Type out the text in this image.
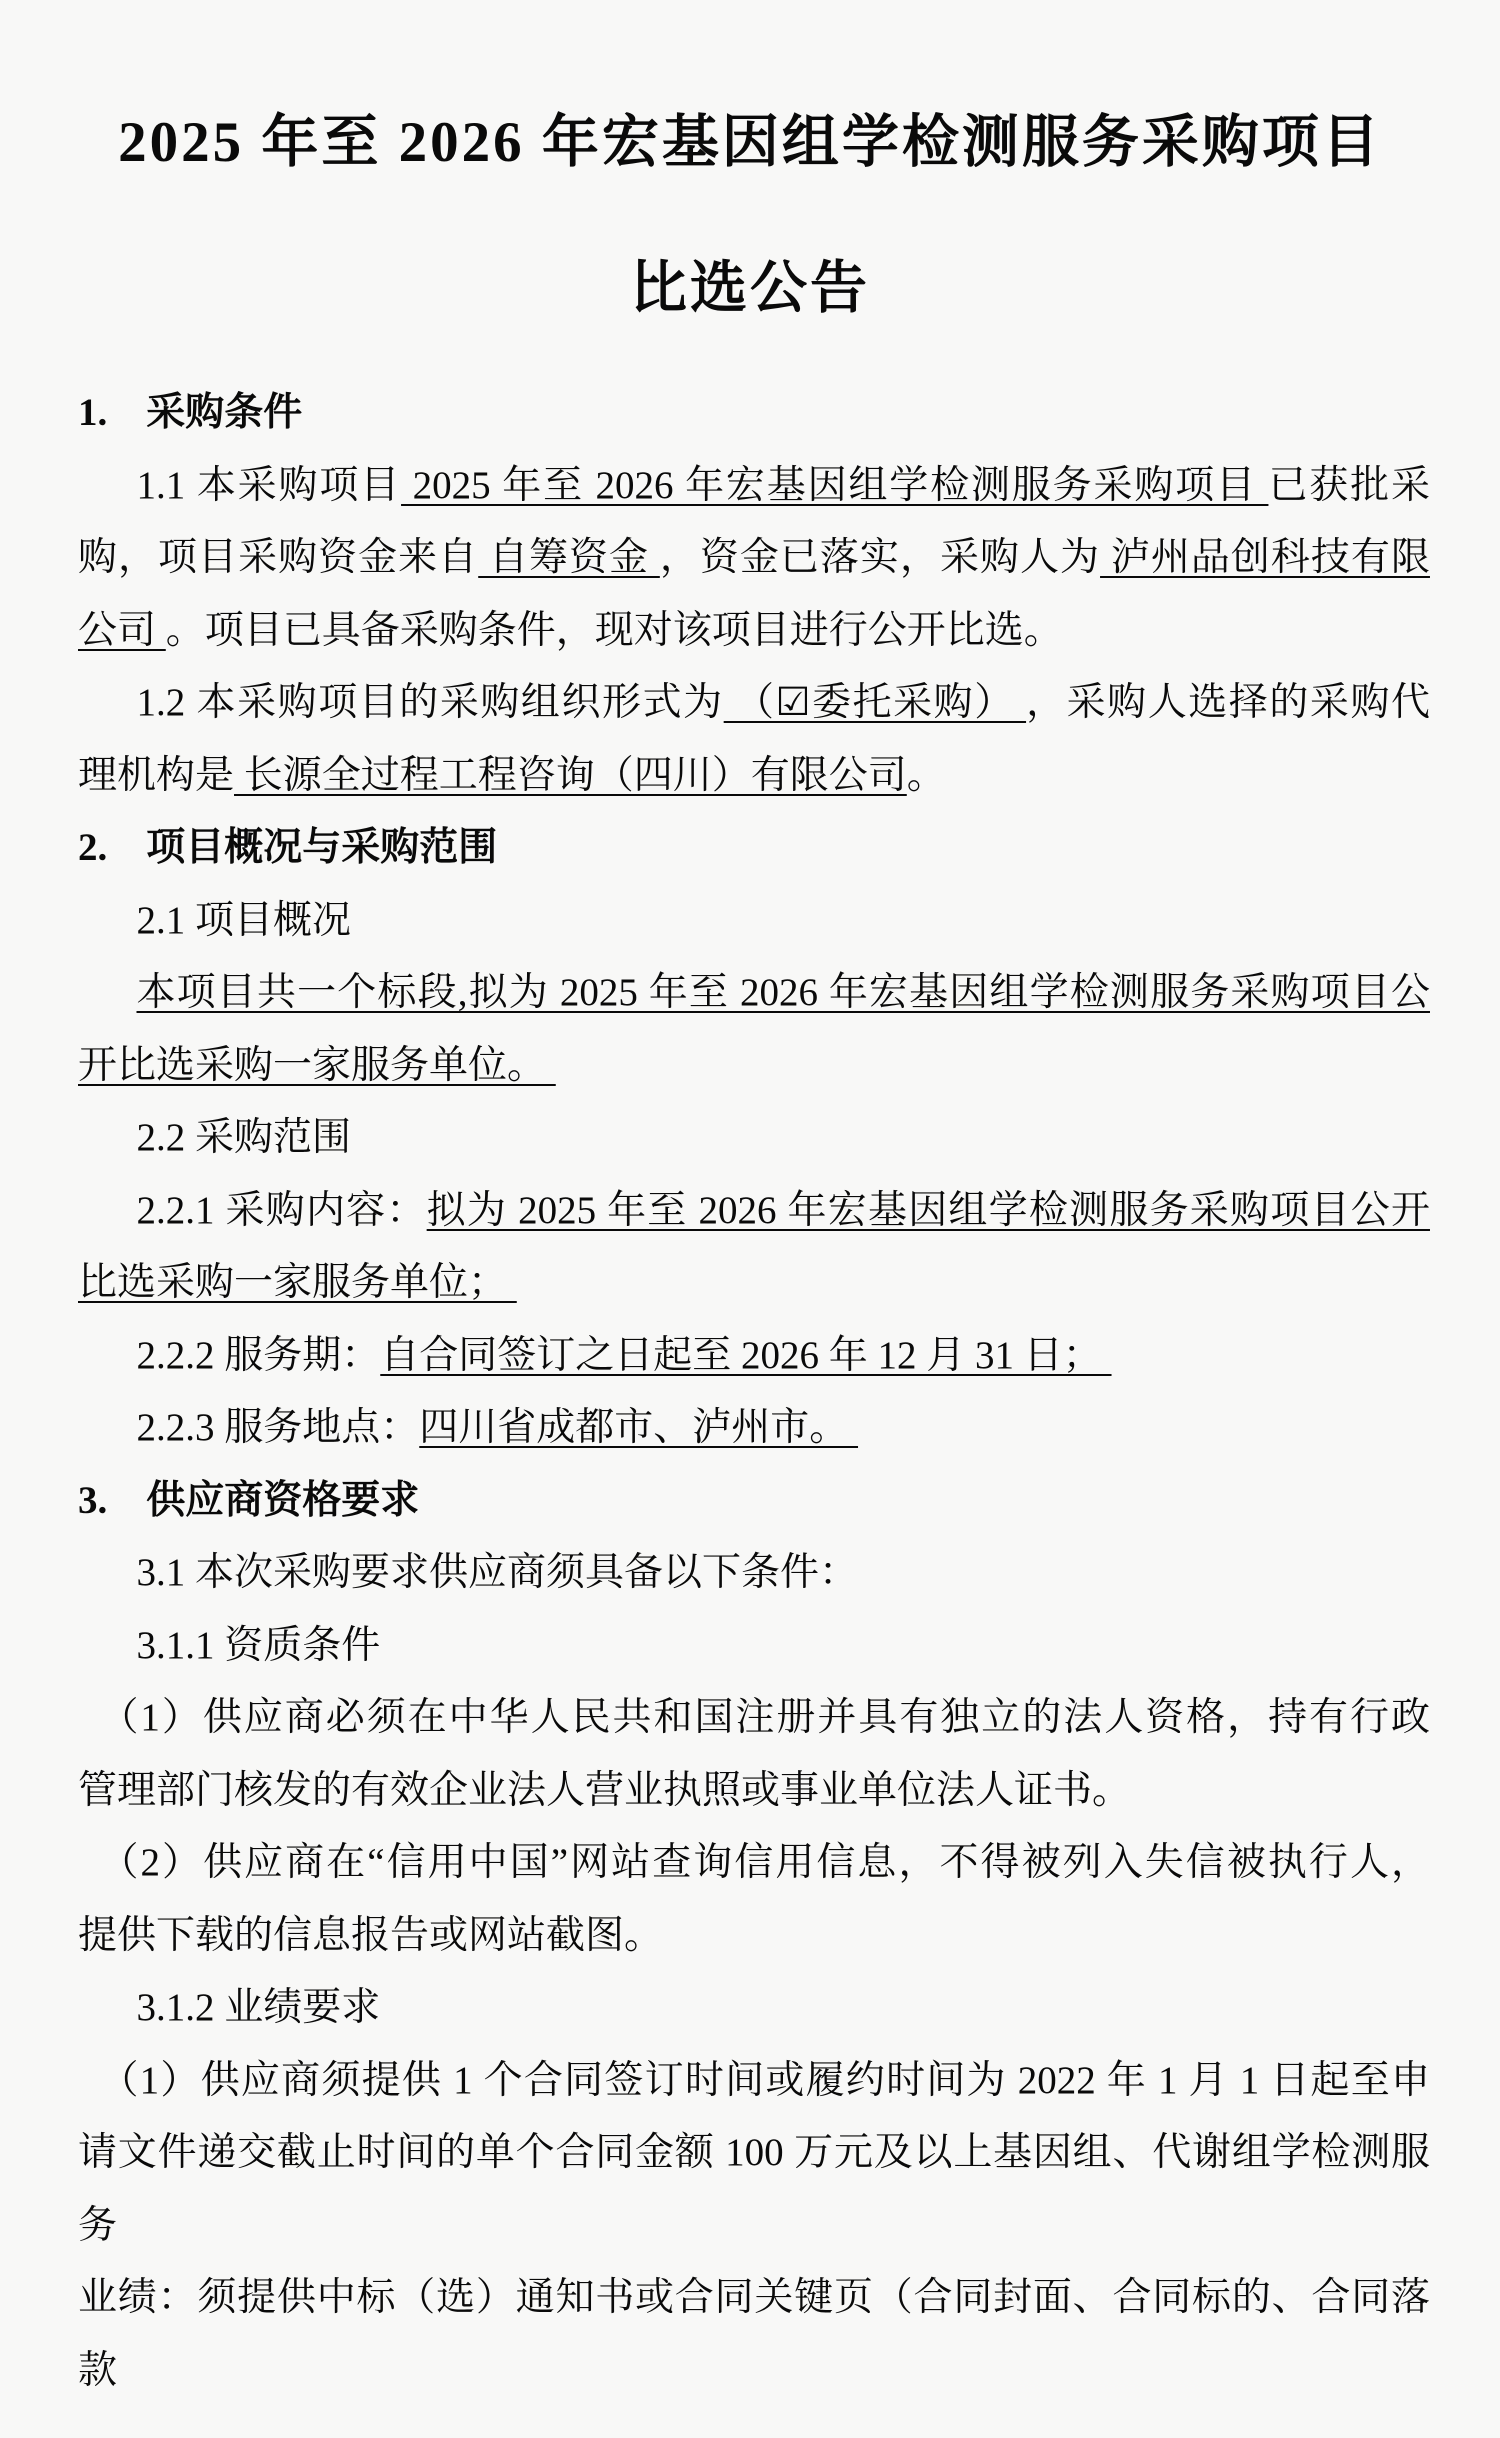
2025 年至 2026 年宏基因组学检测服务采购项目
比选公告
1.　采购条件
1.1 本采购项目 2025 年至 2026 年宏基因组学检测服务采购项目 已获批采
购，项目采购资金来自 自筹资金 ，资金已落实，采购人为 泸州品创科技有限
公司 。项目已具备采购条件，现对该项目进行公开比选。
1.2 本采购项目的采购组织形式为 （☑委托采购） ，采购人选择的采购代
理机构是 长源全过程工程咨询（四川）有限公司。
2.　项目概况与采购范围
2.1 项目概况
本项目共一个标段,拟为 2025 年至 2026 年宏基因组学检测服务采购项目公
开比选采购一家服务单位。
2.2 采购范围
2.2.1 采购内容：拟为 2025 年至 2026 年宏基因组学检测服务采购项目公开
比选采购一家服务单位；
2.2.2 服务期：自合同签订之日起至 2026 年 12 月 31 日；
2.2.3 服务地点：四川省成都市、泸州市。
3.　供应商资格要求
3.1 本次采购要求供应商须具备以下条件：
3.1.1 资质条件
（1）供应商必须在中华人民共和国注册并具有独立的法人资格，持有行政
管理部门核发的有效企业法人营业执照或事业单位法人证书。
（2）供应商在“信用中国”网站查询信用信息，不得被列入失信被执行人，
提供下载的信息报告或网站截图。
3.1.2 业绩要求
（1）供应商须提供 1 个合同签订时间或履约时间为 2022 年 1 月 1 日起至申
请文件递交截止时间的单个合同金额 100 万元及以上基因组、代谢组学检测服务
业绩：须提供中标（选）通知书或合同关键页（合同封面、合同标的、合同落款
